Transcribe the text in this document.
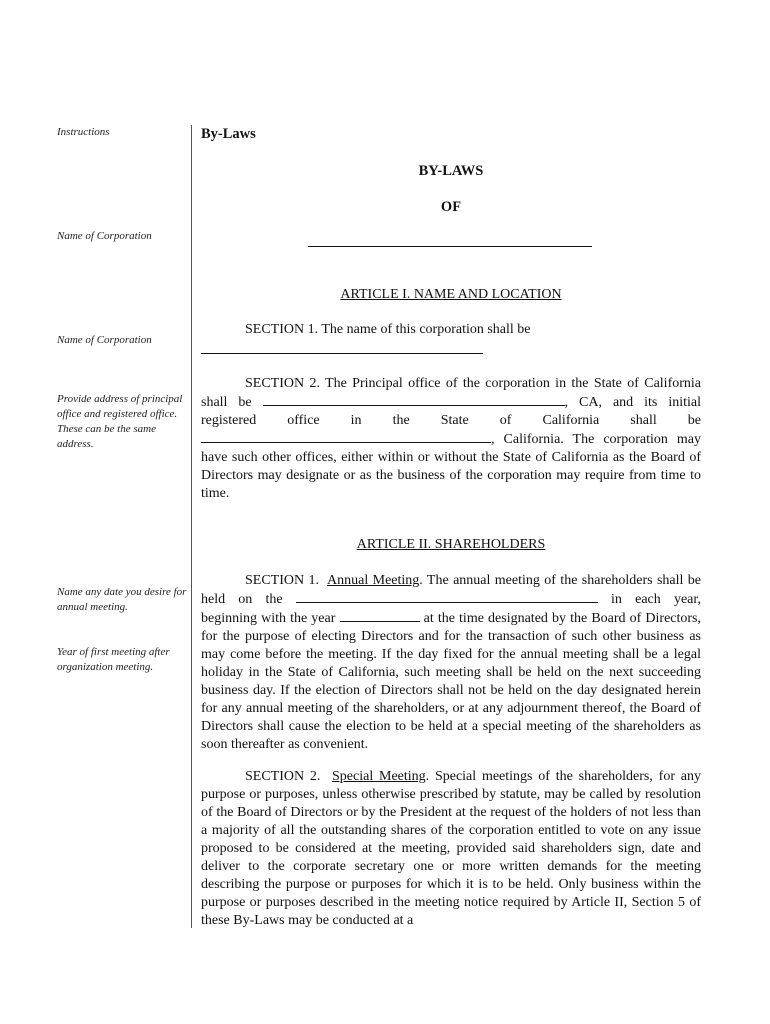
Instructions
Name of Corporation
Name of Corporation
Provide address of principal office and registered office. These can be the same address.
Name any date you desire for annual meeting.
Year of first meeting after organization meeting.
By-Laws
BY-LAWS
OF
ARTICLE I. NAME AND LOCATION
SECTION 1. The name of this corporation shall be

SECTION 2. The Principal office of the corporation in the State of California shall be	, CA, and its initial registered office in the State of California shall be , California. The corporation may have such other offices, either within or without the State of California as the Board of Directors may designate or as the business of the corporation may require from time to time.

ARTICLE II. SHAREHOLDERS

SECTION 1. Annual Meeting. The annual meeting of the shareholders shall be held on the	in each year, beginning with the year	at the time designated by the Board of Directors, for the purpose of electing Directors and for the transaction of such other business as may come before the meeting. If the day fixed for the annual meeting shall be a legal holiday in the State of California, such meeting shall be held on the next succeeding business day. If the election of Directors shall not be held on the day designated herein for any annual meeting of the shareholders, or at any adjournment thereof, the Board of Directors shall cause the election to be held at a special meeting of the shareholders as soon thereafter as convenient.

SECTION 2. Special Meeting. Special meetings of the shareholders, for any purpose or purposes, unless otherwise prescribed by statute, may be called by resolution of the Board of Directors or by the President at the request of the holders of not less than a majority of all the outstanding shares of the corporation entitled to vote on any issue proposed to be considered at the meeting, provided said shareholders sign, date and deliver to the corporate secretary one or more written demands for the meeting describing the purpose or purposes for which it is to be held. Only business within the purpose or purposes described in the meeting notice required by Article II, Section 5 of these By-Laws may be conducted at a
